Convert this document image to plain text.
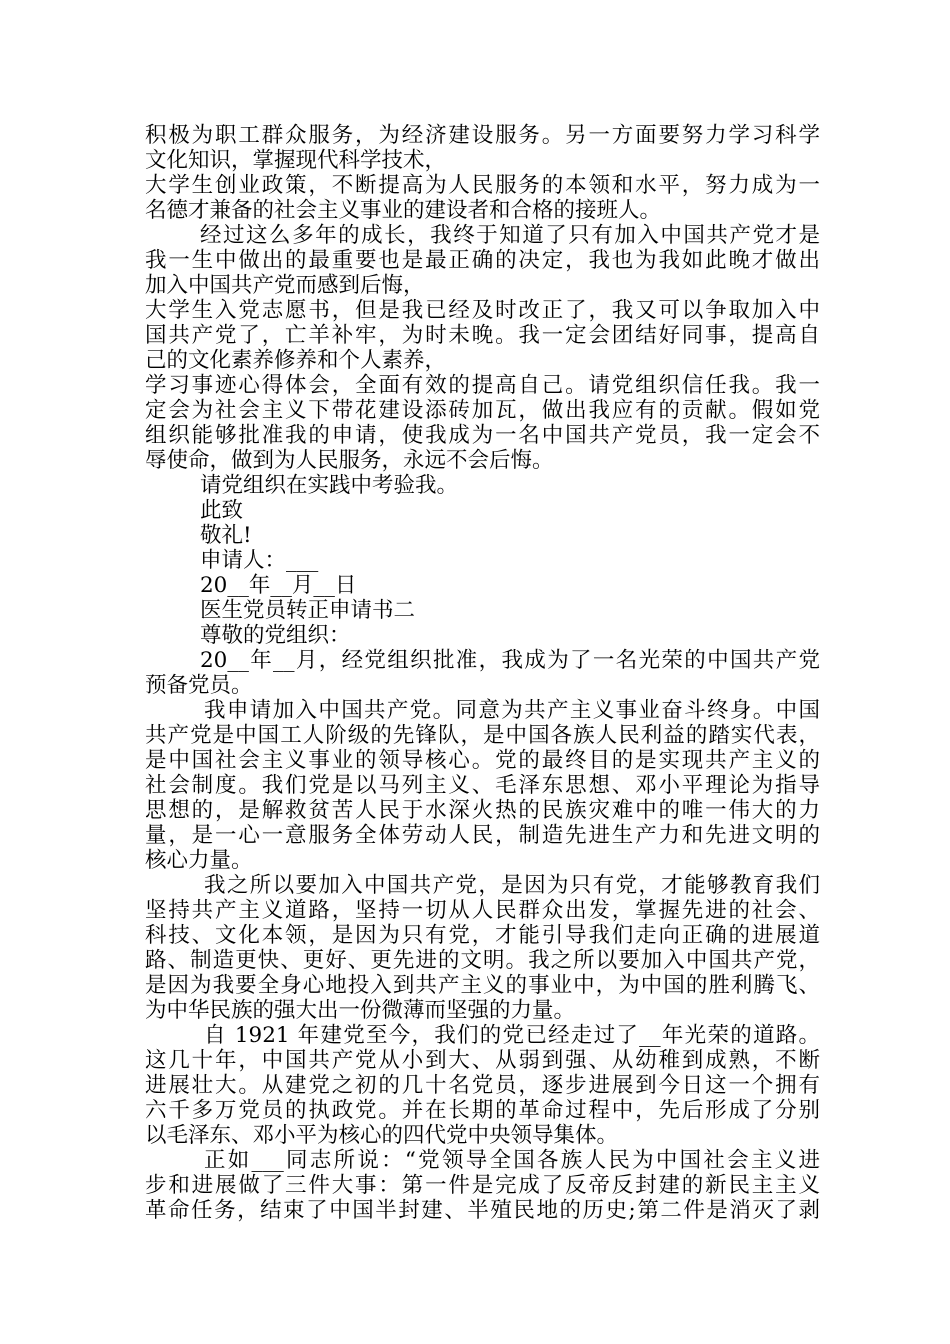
积极为职工群众服务，为经济建设服务。另一方面要努力学习科学
文化知识，掌握现代科学技术，
大学生创业政策，不断提高为人民服务的本领和水平，努力成为一
名德才兼备的社会主义事业的建设者和合格的接班人。
经过这么多年的成长，我终于知道了只有加入中国共产党才是
我一生中做出的最重要也是最正确的决定，我也为我如此晚才做出
加入中国共产党而感到后悔，
大学生入党志愿书，但是我已经及时改正了，我又可以争取加入中
国共产党了，亡羊补牢，为时未晚。我一定会团结好同事，提高自
己的文化素养修养和个人素养，
学习事迹心得体会，全面有效的提高自己。请党组织信任我。我一
定会为社会主义下带花建设添砖加瓦，做出我应有的贡献。假如党
组织能够批准我的申请，使我成为一名中国共产党员，我一定会不
辱使命，做到为人民服务，永远不会后悔。
请党组织在实践中考验我。
此致
敬礼!
申请人：___
20__年__月__日
医生党员转正申请书二
尊敬的党组织：
20__年__月，经党组织批准，我成为了一名光荣的中国共产党
预备党员。
我申请加入中国共产党。同意为共产主义事业奋斗终身。中国
共产党是中国工人阶级的先锋队，是中国各族人民利益的踏实代表，
是中国社会主义事业的领导核心。党的最终目的是实现共产主义的
社会制度。我们党是以马列主义、毛泽东思想、邓小平理论为指导
思想的，是解救贫苦人民于水深火热的民族灾难中的唯一伟大的力
量，是一心一意服务全体劳动人民，制造先进生产力和先进文明的
核心力量。
我之所以要加入中国共产党，是因为只有党，才能够教育我们
坚持共产主义道路，坚持一切从人民群众出发，掌握先进的社会、
科技、文化本领，是因为只有党，才能引导我们走向正确的进展道
路、制造更快、更好、更先进的文明。我之所以要加入中国共产党，
是因为我要全身心地投入到共产主义的事业中，为中国的胜利腾飞、
为中华民族的强大出一份微薄而坚强的力量。
自 1921 年建党至今，我们的党已经走过了__年光荣的道路。
这几十年，中国共产党从小到大、从弱到强、从幼稚到成熟，不断
进展壮大。从建党之初的几十名党员，逐步进展到今日这一个拥有
六千多万党员的执政党。并在长期的革命过程中，先后形成了分别
以毛泽东、邓小平为核心的四代党中央领导集体。
正如___同志所说：“党领导全国各族人民为中国社会主义进
步和进展做了三件大事：第一件是完成了反帝反封建的新民主主义
革命任务，结束了中国半封建、半殖民地的历史;第二件是消灭了剥
